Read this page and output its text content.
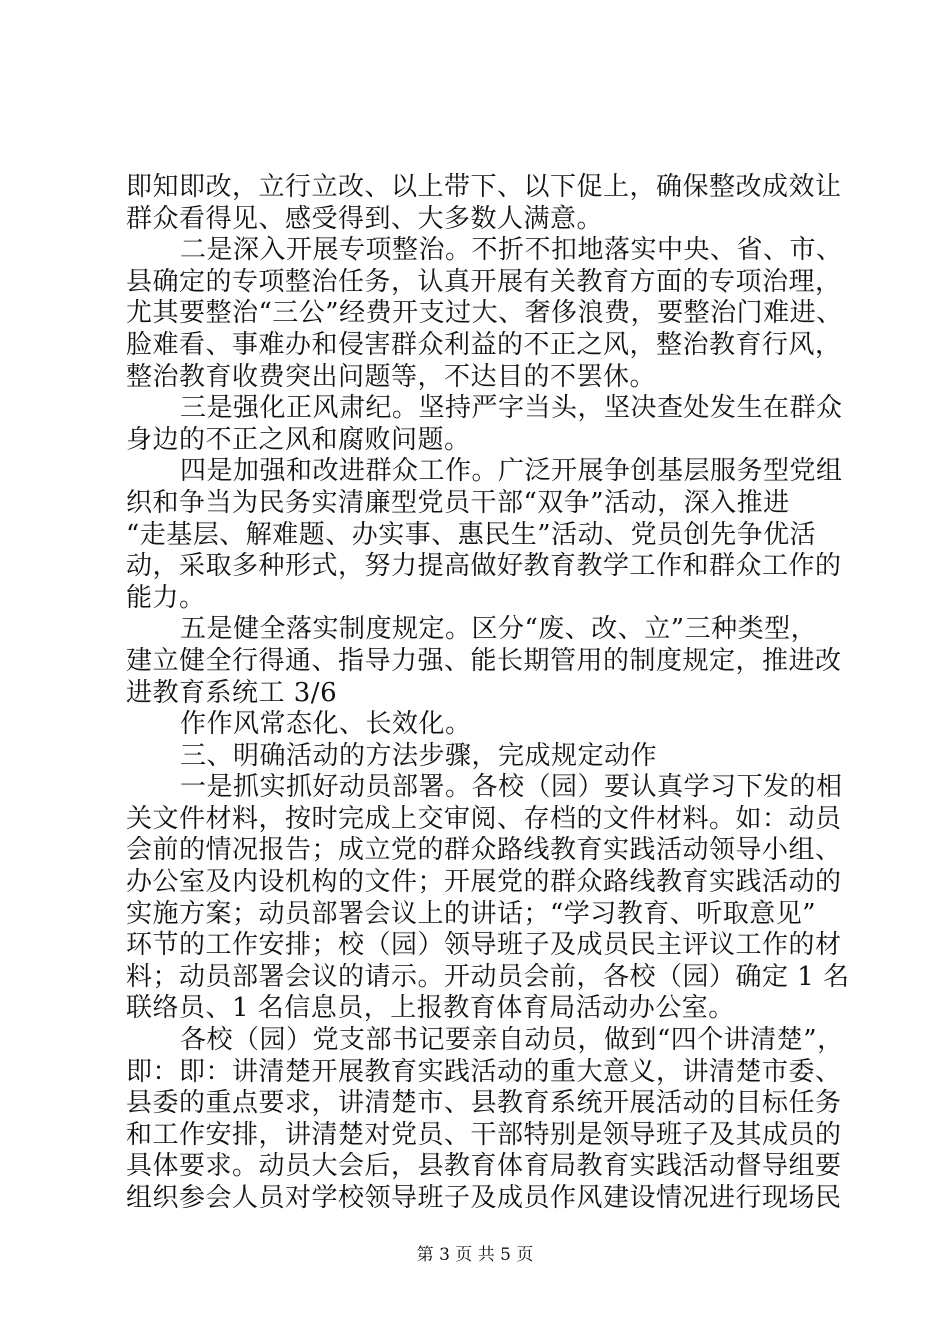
即知即改，立行立改、以上带下、以下促上，确保整改成效让
群众看得见、感受得到、大多数人满意。
二是深入开展专项整治。不折不扣地落实中央、省、市、
县确定的专项整治任务，认真开展有关教育方面的专项治理，
尤其要整治“三公”经费开支过大、奢侈浪费，要整治门难进、
脸难看、事难办和侵害群众利益的不正之风，整治教育行风，
整治教育收费突出问题等，不达目的不罢休。
三是强化正风肃纪。坚持严字当头，坚决查处发生在群众
身边的不正之风和腐败问题。
四是加强和改进群众工作。广泛开展争创基层服务型党组
织和争当为民务实清廉型党员干部“双争”活动，深入推进
“走基层、解难题、办实事、惠民生”活动、党员创先争优活
动，采取多种形式，努力提高做好教育教学工作和群众工作的
能力。
五是健全落实制度规定。区分“废、改、立”三种类型，
建立健全行得通、指导力强、能长期管用的制度规定，推进改
进教育系统工 3/6
作作风常态化、长效化。
三、明确活动的方法步骤，完成规定动作
一是抓实抓好动员部署。各校（园）要认真学习下发的相
关文件材料，按时完成上交审阅、存档的文件材料。如：动员
会前的情况报告；成立党的群众路线教育实践活动领导小组、
办公室及内设机构的文件；开展党的群众路线教育实践活动的
实施方案；动员部署会议上的讲话；“学习教育、听取意见”
环节的工作安排；校（园）领导班子及成员民主评议工作的材
料；动员部署会议的请示。开动员会前，各校（园）确定 1 名
联络员、1 名信息员，上报教育体育局活动办公室。
各校（园）党支部书记要亲自动员，做到“四个讲清楚”，
即：即：讲清楚开展教育实践活动的重大意义，讲清楚市委、
县委的重点要求，讲清楚市、县教育系统开展活动的目标任务
和工作安排，讲清楚对党员、干部特别是领导班子及其成员的
具体要求。动员大会后，县教育体育局教育实践活动督导组要
组织参会人员对学校领导班子及成员作风建设情况进行现场民
第 3 页 共 5 页
